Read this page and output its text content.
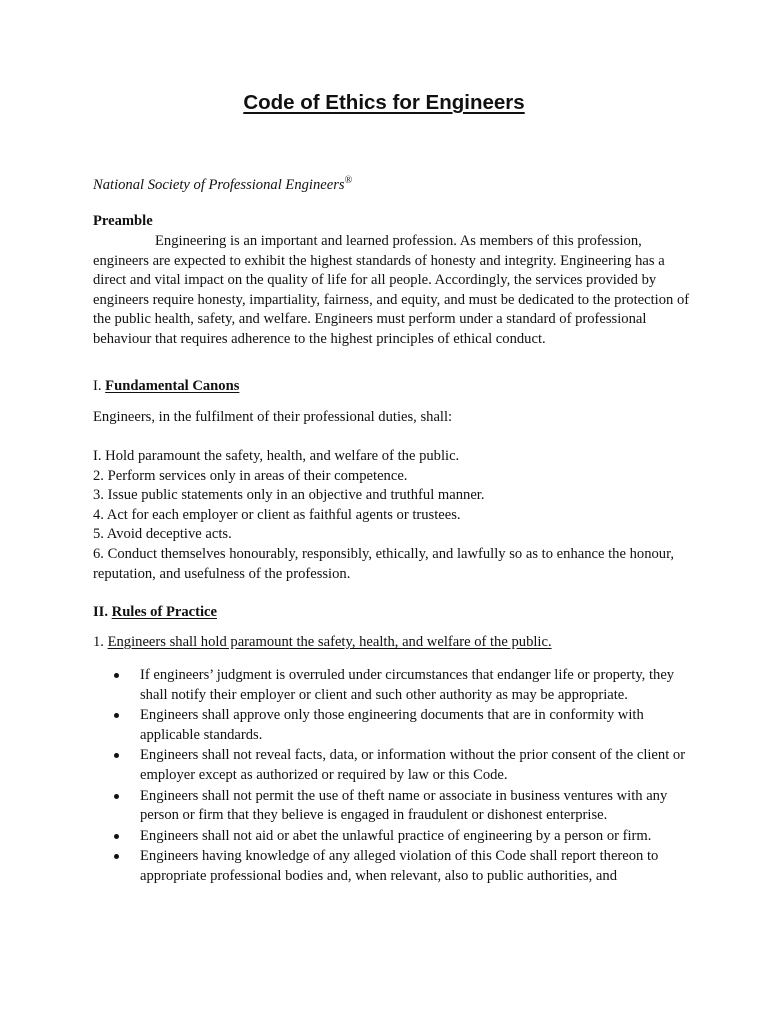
Code of Ethics for Engineers
National Society of Professional Engineers®
Preamble

Engineering is an important and learned profession. As members of this profession, engineers are expected to exhibit the highest standards of honesty and integrity. Engineering has a direct and vital impact on the quality of life for all people. Accordingly, the services provided by engineers require honesty, impartiality, fairness, and equity, and must be dedicated to the protection of the public health, safety, and welfare. Engineers must perform under a standard of professional behaviour that requires adherence to the highest principles of ethical conduct.

I. Fundamental Canons
Engineers, in the fulfilment of their professional duties, shall:
I. Hold paramount the safety, health, and welfare of the public.
2. Perform services only in areas of their competence.
3. Issue public statements only in an objective and truthful manner.
4. Act for each employer or client as faithful agents or trustees.
5. Avoid deceptive acts.
6. Conduct themselves honourably, responsibly, ethically, and lawfully so as to enhance the honour, reputation, and usefulness of the profession.
II. Rules of Practice
1. Engineers shall hold paramount the safety, health, and welfare of the public.
If engineers’ judgment is overruled under circumstances that endanger life or property, they shall notify their employer or client and such other authority as may be appropriate.
Engineers shall approve only those engineering documents that are in conformity with applicable standards.
Engineers shall not reveal facts, data, or information without the prior consent of the client or employer except as authorized or required by law or this Code.
Engineers shall not permit the use of theft name or associate in business ventures with any person or firm that they believe is engaged in fraudulent or dishonest enterprise.
Engineers shall not aid or abet the unlawful practice of engineering by a person or firm.
Engineers having knowledge of any alleged violation of this Code shall report thereon to appropriate professional bodies and, when relevant, also to public authorities, and
